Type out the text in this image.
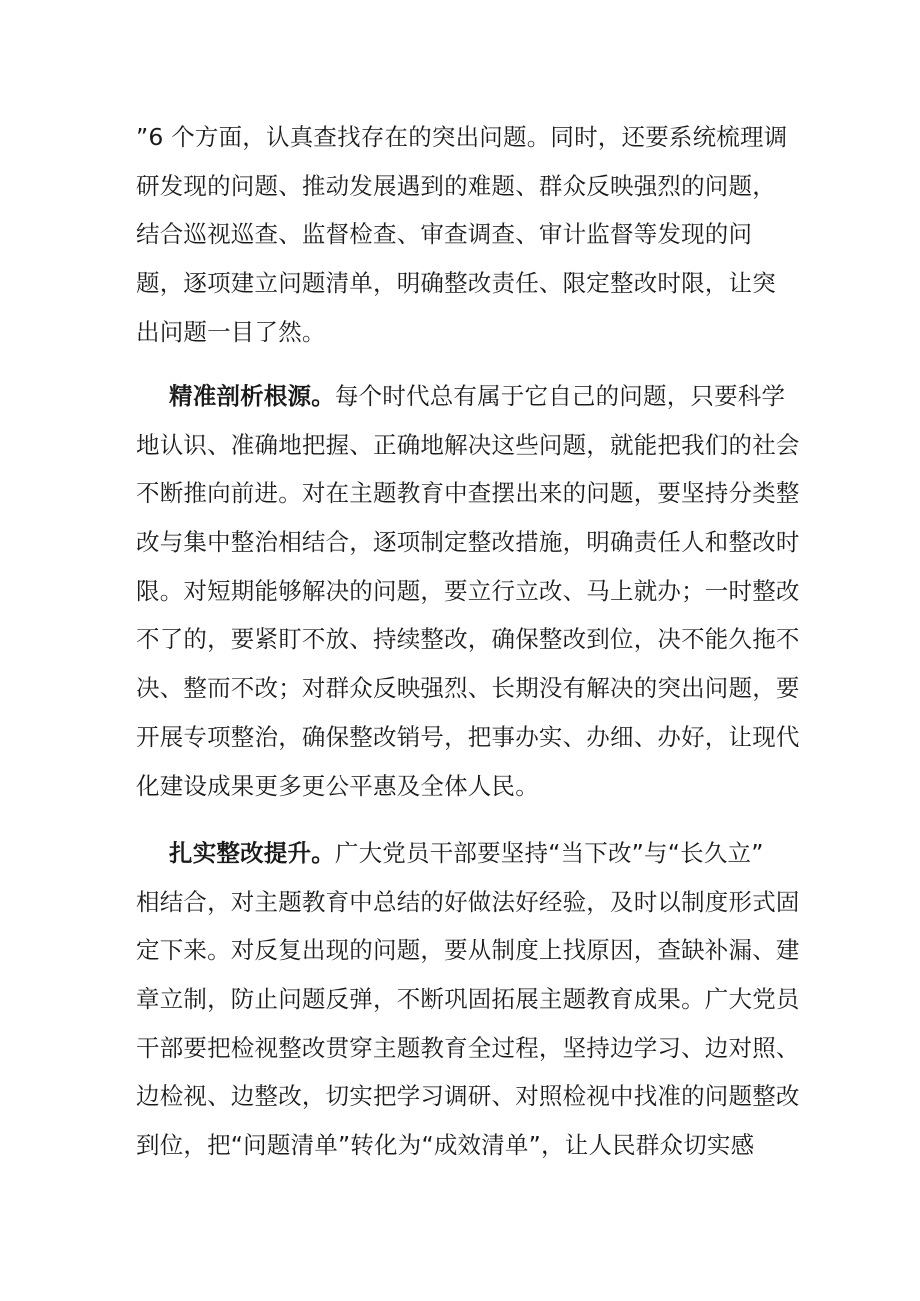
”6 个方面，认真查找存在的突出问题。同时，还要系统梳理调
研发现的问题、推动发展遇到的难题、群众反映强烈的问题，
结合巡视巡查、监督检查、审查调查、审计监督等发现的问
题，逐项建立问题清单，明确整改责任、限定整改时限，让突
出问题一目了然。
精准剖析根源。每个时代总有属于它自己的问题，只要科学
地认识、准确地把握、正确地解决这些问题，就能把我们的社会
不断推向前进。对在主题教育中查摆出来的问题，要坚持分类整
改与集中整治相结合，逐项制定整改措施，明确责任人和整改时
限。对短期能够解决的问题，要立行立改、马上就办；一时整改
不了的，要紧盯不放、持续整改，确保整改到位，决不能久拖不
决、整而不改；对群众反映强烈、长期没有解决的突出问题，要
开展专项整治，确保整改销号，把事办实、办细、办好，让现代
化建设成果更多更公平惠及全体人民。
扎实整改提升。广大党员干部要坚持“当下改”与“长久立”
相结合，对主题教育中总结的好做法好经验，及时以制度形式固
定下来。对反复出现的问题，要从制度上找原因，查缺补漏、建
章立制，防止问题反弹，不断巩固拓展主题教育成果。广大党员
干部要把检视整改贯穿主题教育全过程，坚持边学习、边对照、
边检视、边整改，切实把学习调研、对照检视中找准的问题整改
到位，把“问题清单”转化为“成效清单”，让人民群众切实感
